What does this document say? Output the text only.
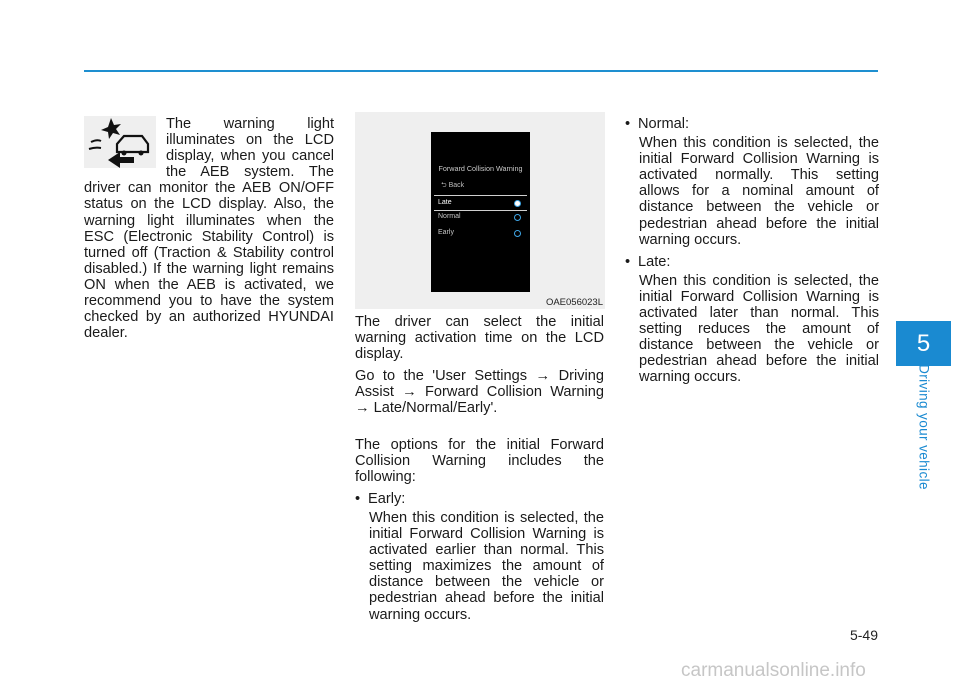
The warning light illuminates on the LCD display, when you cancel the AEB system. The driver can monitor the AEB ON/OFF status on the LCD display. Also, the warning light illuminates when the ESC (Electronic Stability Control) is turned off (Traction & Stability control disabled.) If the warning light remains ON when the AEB is activated, we recommend you to have the system checked by an authorized HYUNDAI dealer.

Forward Collision Warning
⮌ Back
Late
Normal
Early
OAE056023L

The driver can select the initial warning activation time on the LCD display.

Go to the 'User Settings → Driving Assist → Forward Collision Warning → Late/Normal/Early'.

The options for the initial Forward Collision Warning includes the following:

• Early:

When this condition is selected, the initial Forward Collision Warning is activated earlier than normal. This setting maximizes the amount of distance between the vehicle or pedestrian ahead before the initial warning occurs.

• Normal:

When this condition is selected, the initial Forward Collision Warning is activated normally. This setting allows for a nominal amount of distance between the vehicle or pedestrian ahead before the initial warning occurs.

• Late:

When this condition is selected, the initial Forward Collision Warning is activated later than normal. This setting reduces the amount of distance between the vehicle or pedestrian ahead before the initial warning occurs.

5
Driving your vehicle
5-49
carmanualsonline.info
